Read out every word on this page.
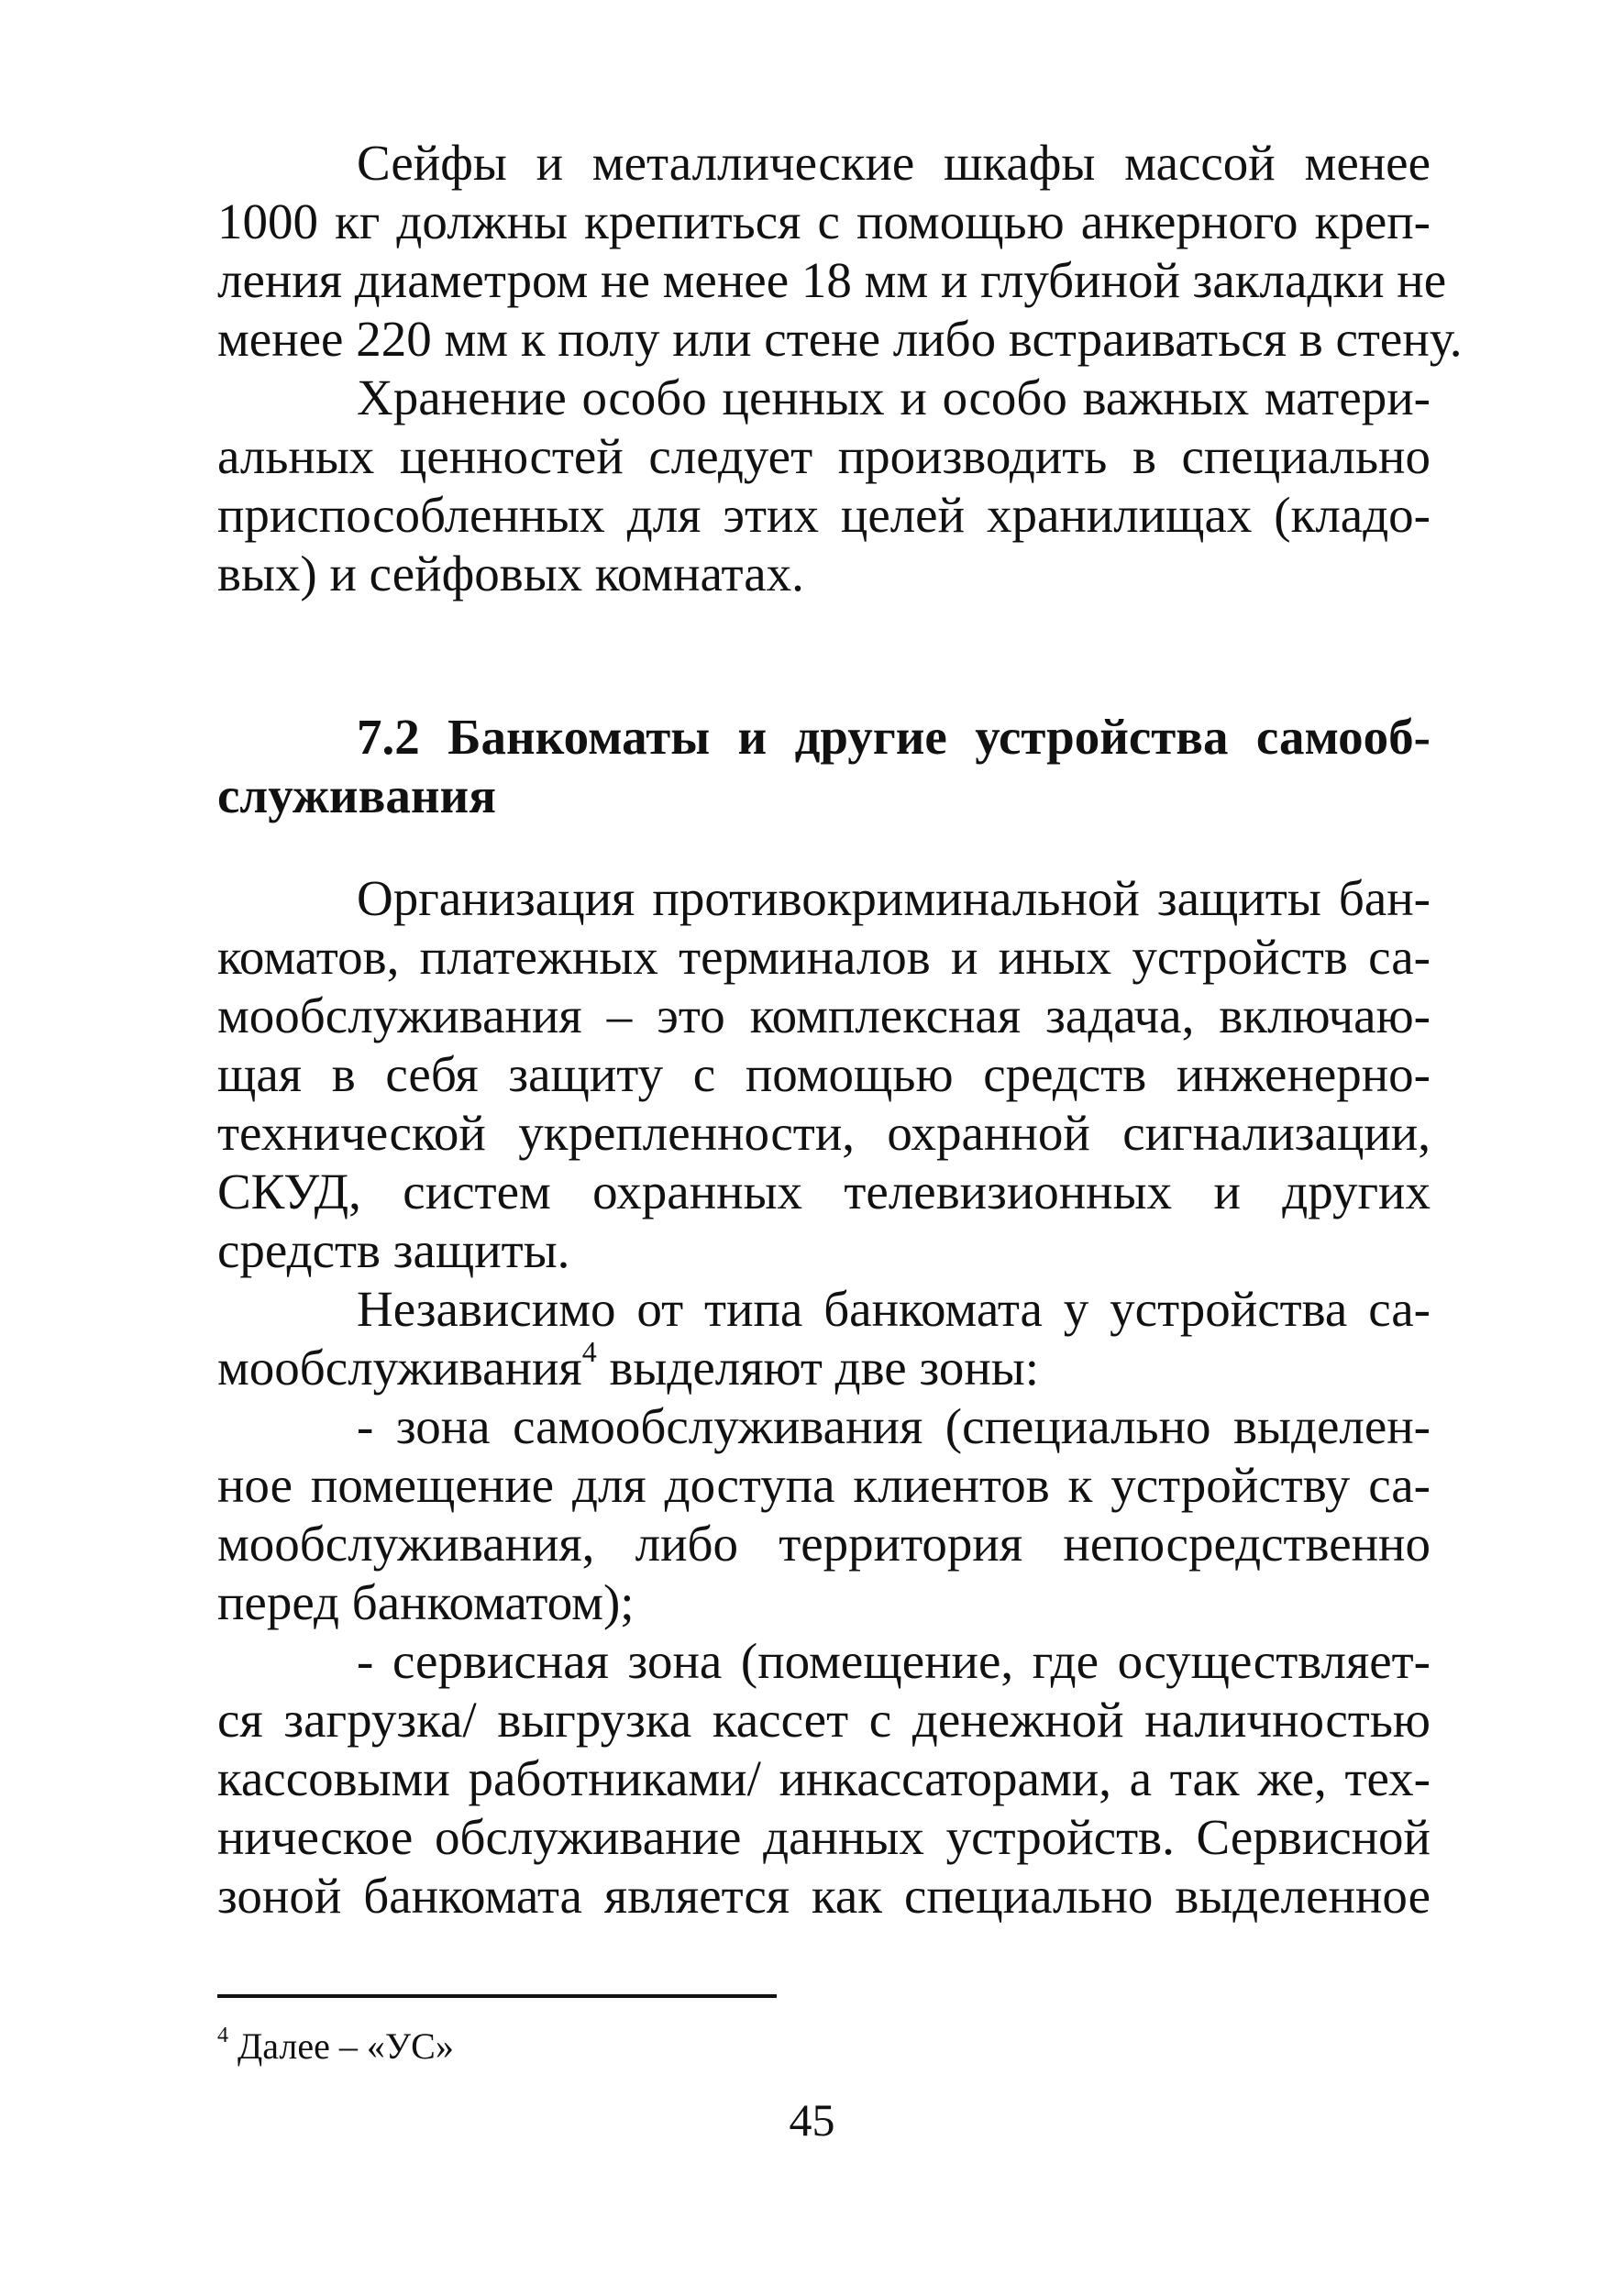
Сейфы и металлические шкафы массой менее
1000 кг должны крепиться с помощью анкерного креп-
ления диаметром не менее 18 мм и глубиной закладки не
менее 220 мм к полу или стене либо встраиваться в стену.
Хранение особо ценных и особо важных матери-
альных ценностей следует производить в специально
приспособленных для этих целей хранилищах (кладо-
вых) и сейфовых комнатах.
7.2 Банкоматы и другие устройства самооб-
служивания
Организация противокриминальной защиты бан-
коматов, платежных терминалов и иных устройств са-
мообслуживания – это комплексная задача, включаю-
щая в себя защиту с помощью средств инженерно-
технической укрепленности, охранной сигнализации,
СКУД, систем охранных телевизионных и других
средств защиты.
Независимо от типа банкомата у устройства са-
мообслуживания$^4$ выделяют две зоны:
- зона самообслуживания (специально выделен-
ное помещение для доступа клиентов к устройству са-
мообслуживания, либо территория непосредственно
перед банкоматом);
- сервисная зона (помещение, где осуществляет-
ся загрузка/ выгрузка кассет с денежной наличностью
кассовыми работниками/ инкассаторами, а так же, тех-
ническое обслуживание данных устройств. Сервисной
зоной банкомата является как специально выделенное
$^4$ Далее – «УС»
45
